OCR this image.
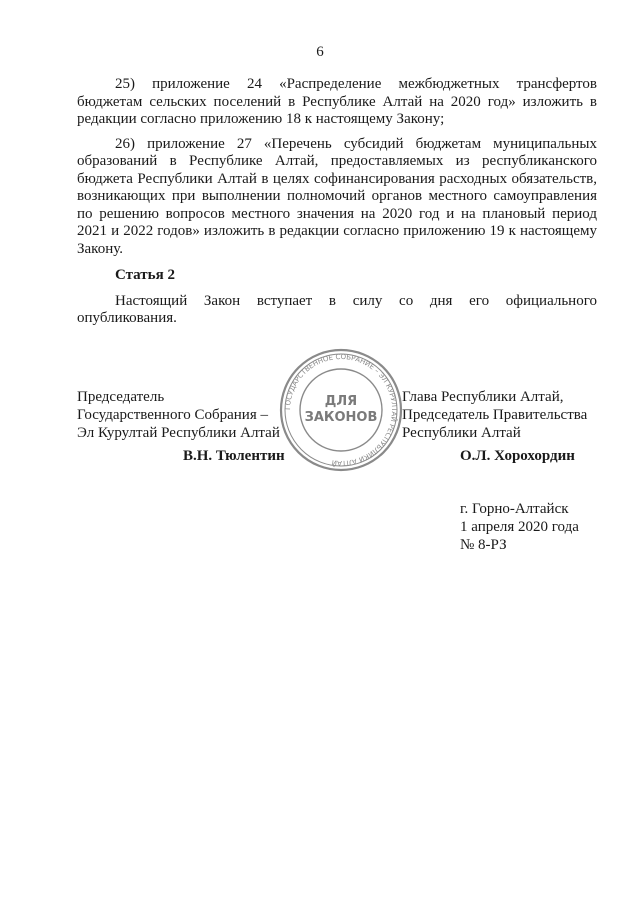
6

25) приложение 24 «Распределение межбюджетных трансфертов бюджетам сельских поселений в Республике Алтай на 2020 год» изложить в редакции согласно приложению 18 к настоящему Закону;

26) приложение 27 «Перечень субсидий бюджетам муниципальных образований в Республике Алтай, предоставляемых из республиканского бюджета Республики Алтай в целях софинансирования расходных обязательств, возникающих при выполнении полномочий органов местного самоуправления по решению вопросов местного значения на 2020 год и на плановый период 2021 и 2022 годов» изложить в редакции согласно приложению 19 к настоящему Закону.

Статья 2

Настоящий Закон вступает в силу со дня его официального опубликования.

Председатель
Государственного Собрания –
Эл Курултай Республики Алтай
В.Н. Тюлентин
Глава Республики Алтай,
Председатель Правительства
Республики Алтай
О.Л. Хорохордин
ГОСУДАРСТВЕННОЕ СОБРАНИЕ – ЭЛ КУРУЛТАЙ РЕСПУБЛИКИ АЛТАЙ
ДЛЯ
ЗАКОНОВ
г. Горно-Алтайск
1 апреля 2020 года
№ 8-РЗ
